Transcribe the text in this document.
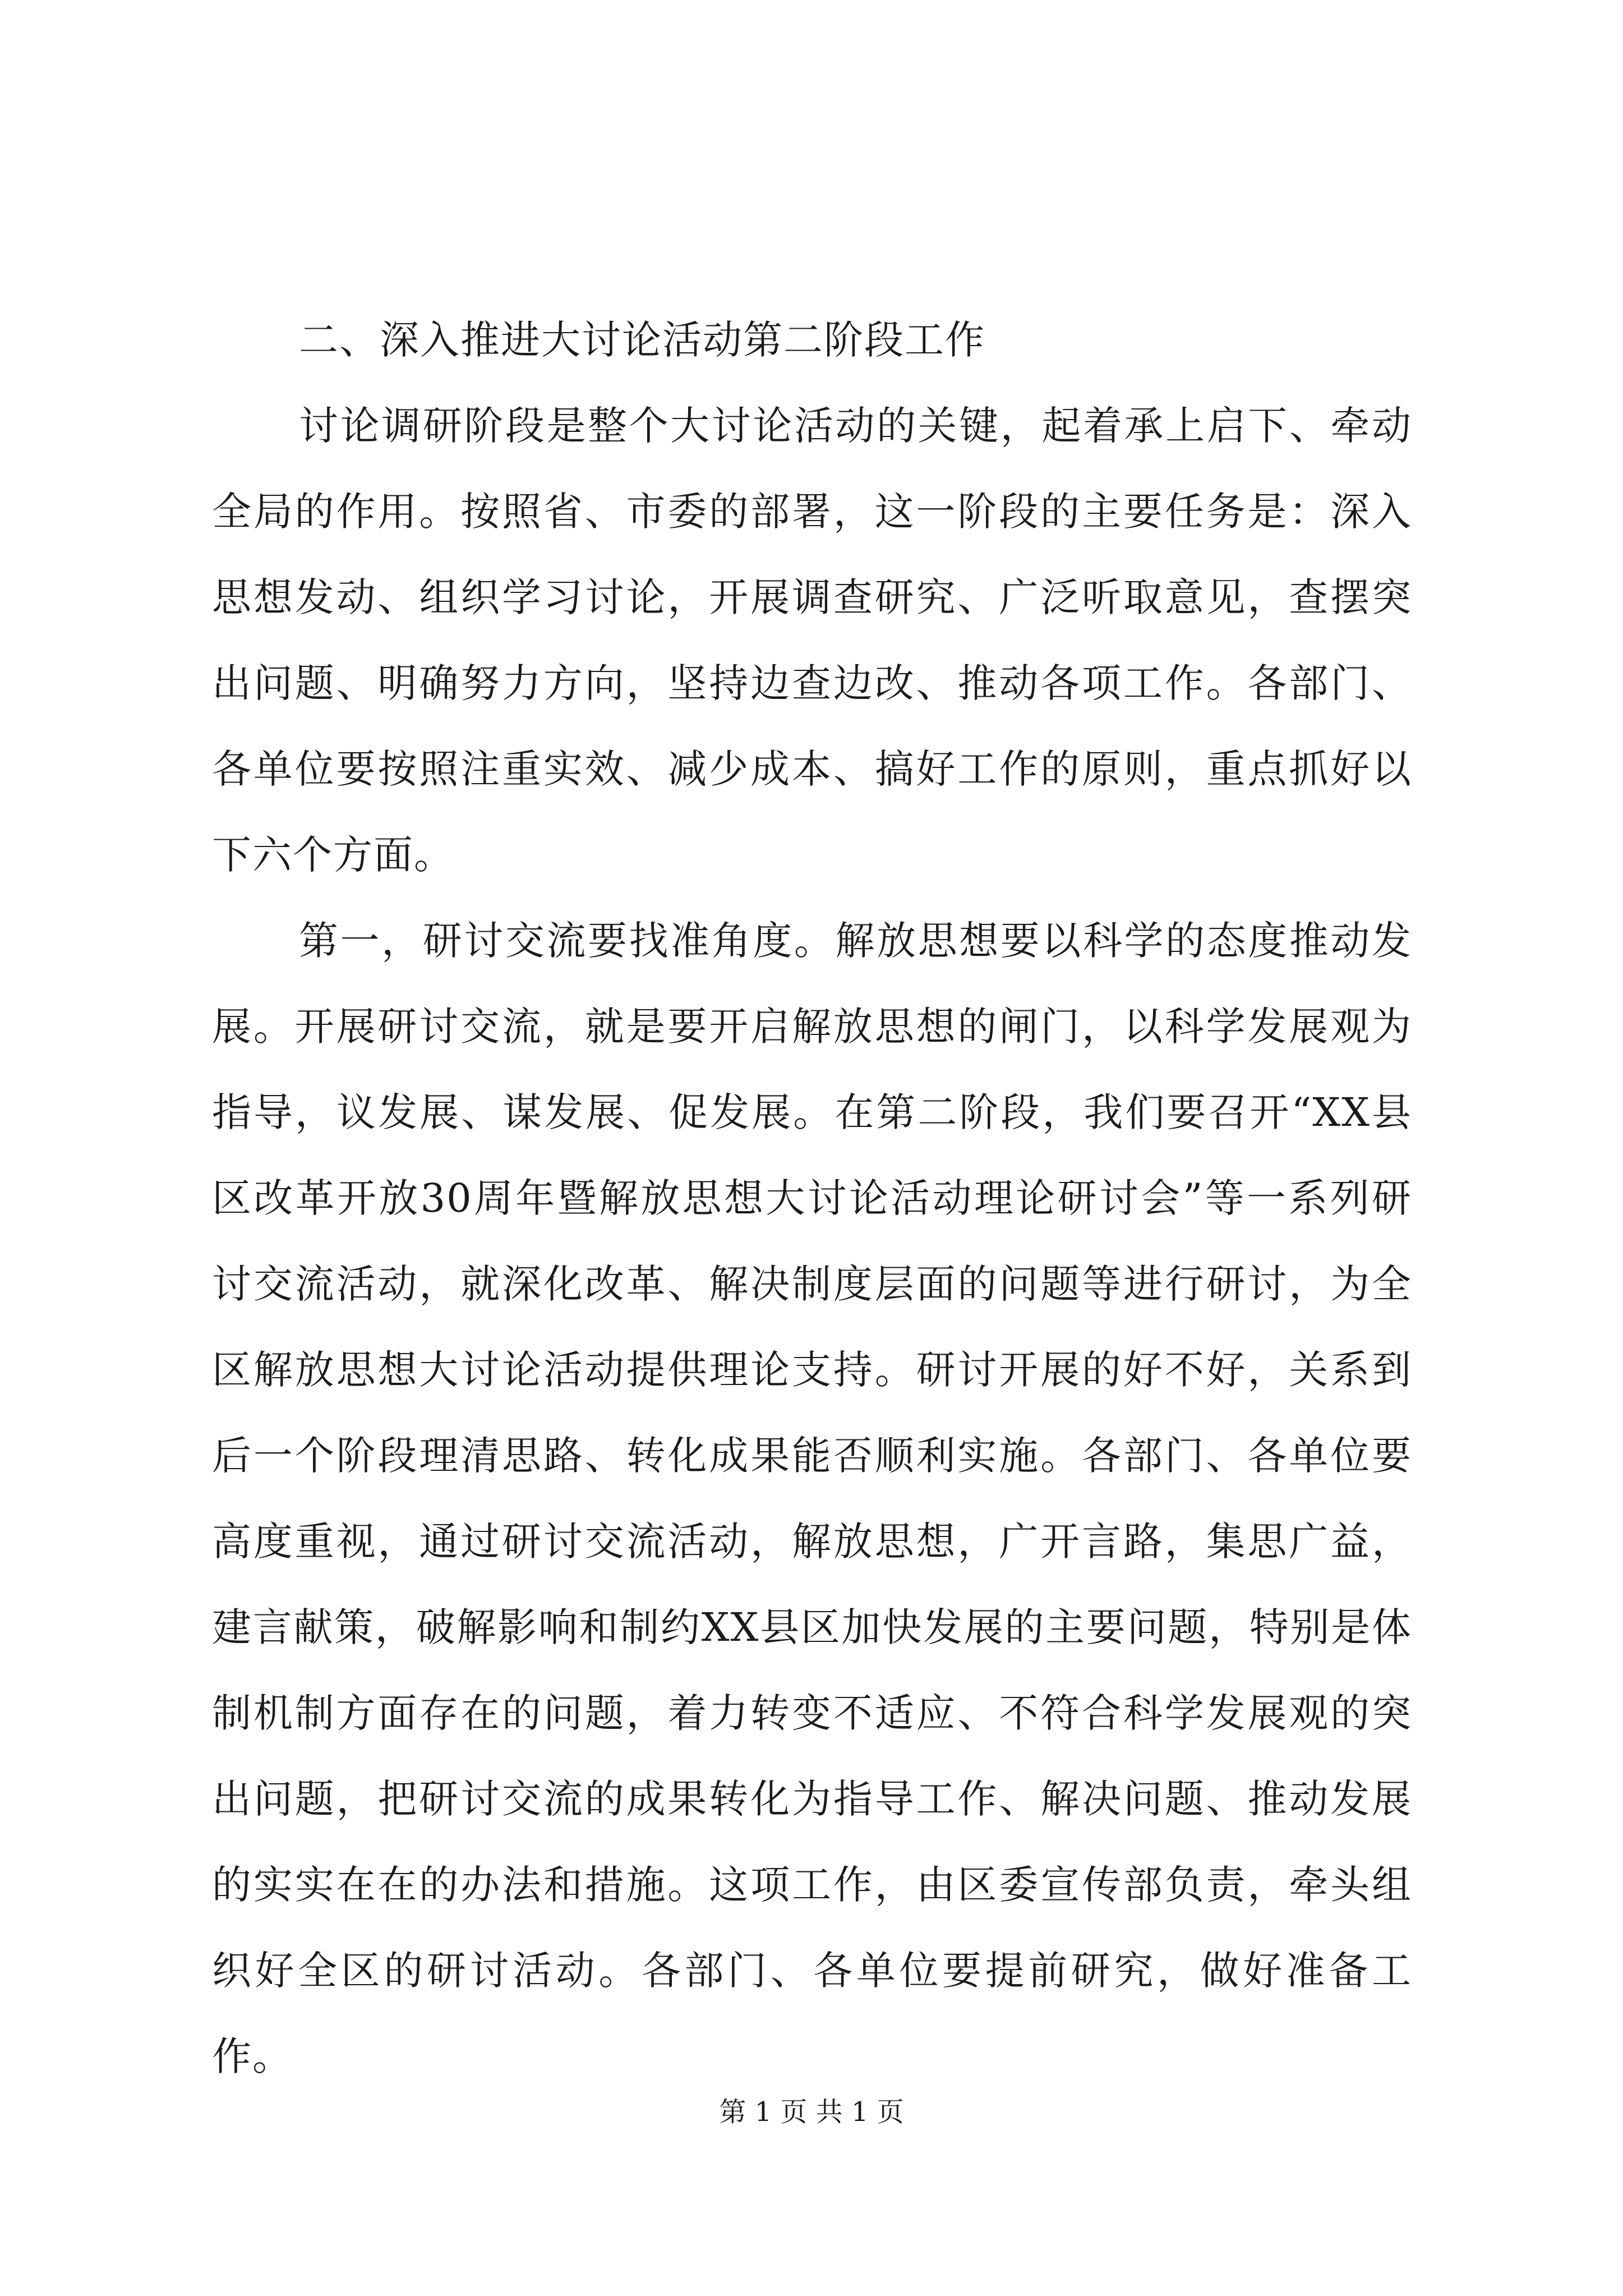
二、深入推进大讨论活动第二阶段工作

讨论调研阶段是整个大讨论活动的关键，起着承上启下、牵动全局的作用。按照省、市委的部署，这一阶段的主要任务是：深入思想发动、组织学习讨论，开展调查研究、广泛听取意见，查摆突出问题、明确努力方向，坚持边查边改、推动各项工作。各部门、各单位要按照注重实效、减少成本、搞好工作的原则，重点抓好以下六个方面。

第一，研讨交流要找准角度。解放思想要以科学的态度推动发展。开展研讨交流，就是要开启解放思想的闸门，以科学发展观为指导，议发展、谋发展、促发展。在第二阶段，我们要召开“XX县区改革开放30周年暨解放思想大讨论活动理论研讨会”等一系列研讨交流活动，就深化改革、解决制度层面的问题等进行研讨，为全区解放思想大讨论活动提供理论支持。研讨开展的好不好，关系到后一个阶段理清思路、转化成果能否顺利实施。各部门、各单位要高度重视，通过研讨交流活动，解放思想，广开言路，集思广益，建言献策，破解影响和制约XX县区加快发展的主要问题，特别是体制机制方面存在的问题，着力转变不适应、不符合科学发展观的突出问题，把研讨交流的成果转化为指导工作、解决问题、推动发展的实实在在的办法和措施。这项工作，由区委宣传部负责，牵头组织好全区的研讨活动。各部门、各单位要提前研究，做好准备工作。

第 1 页 共 1 页
